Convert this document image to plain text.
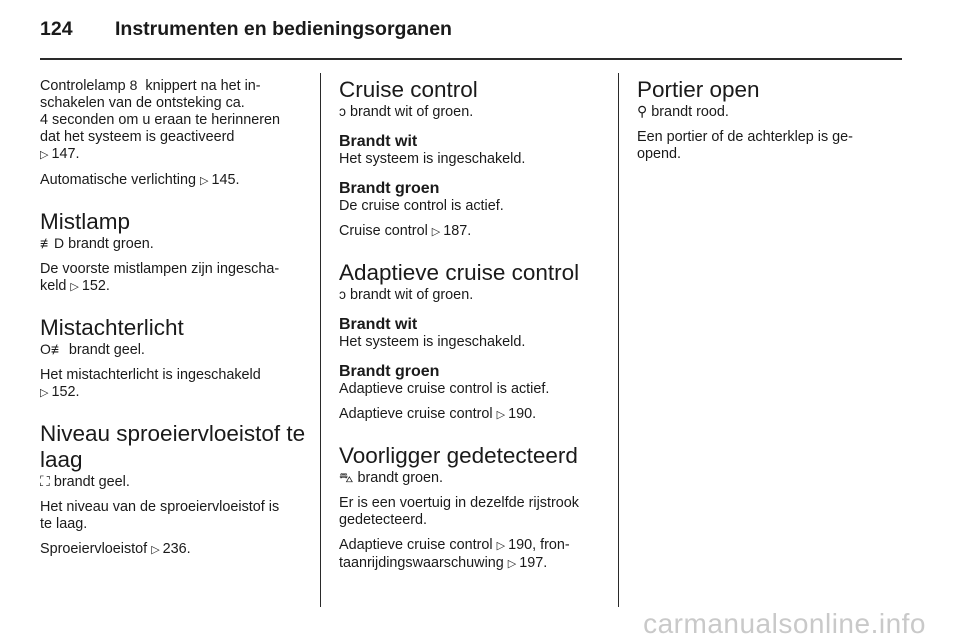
124 Instrumenten en bedieningsorganen

Controlelamp 8 knippert na het in-
schakelen van de ontsteking ca.
4 seconden om u eraan te herinneren
dat het systeem is geactiveerd
▷ 147.

Automatische verlichting ▷ 145.

Mistlamp

≢D brandt groen.

De voorste mistlampen zijn ingescha-
keld ▷ 152.

Mistachterlicht

O≢ brandt geel.

Het mistachterlicht is ingeschakeld
▷ 152.

Niveau sproeiervloeistof te
laag

⛶ brandt geel.

Het niveau van de sproeiervloeistof is
te laag.

Sproeiervloeistof ▷ 236.

Cruise control

ↄ brandt wit of groen.

Brandt wit

Het systeem is ingeschakeld.

Brandt groen

De cruise control is actief.

Cruise control ▷ 187.

Adaptieve cruise control

ↄ brandt wit of groen.

Brandt wit

Het systeem is ingeschakeld.

Brandt groen

Adaptieve cruise control is actief.

Adaptieve cruise control ▷ 190.

Voorligger gedetecteerd

⛍ brandt groen.

Er is een voertuig in dezelfde rijstrook
gedetecteerd.

Adaptieve cruise control ▷ 190, fron-
taanrijdingswaarschuwing ▷ 197.

Portier open

⚲ brandt rood.

Een portier of de achterklep is ge-
opend.

carmanualsonline.info
